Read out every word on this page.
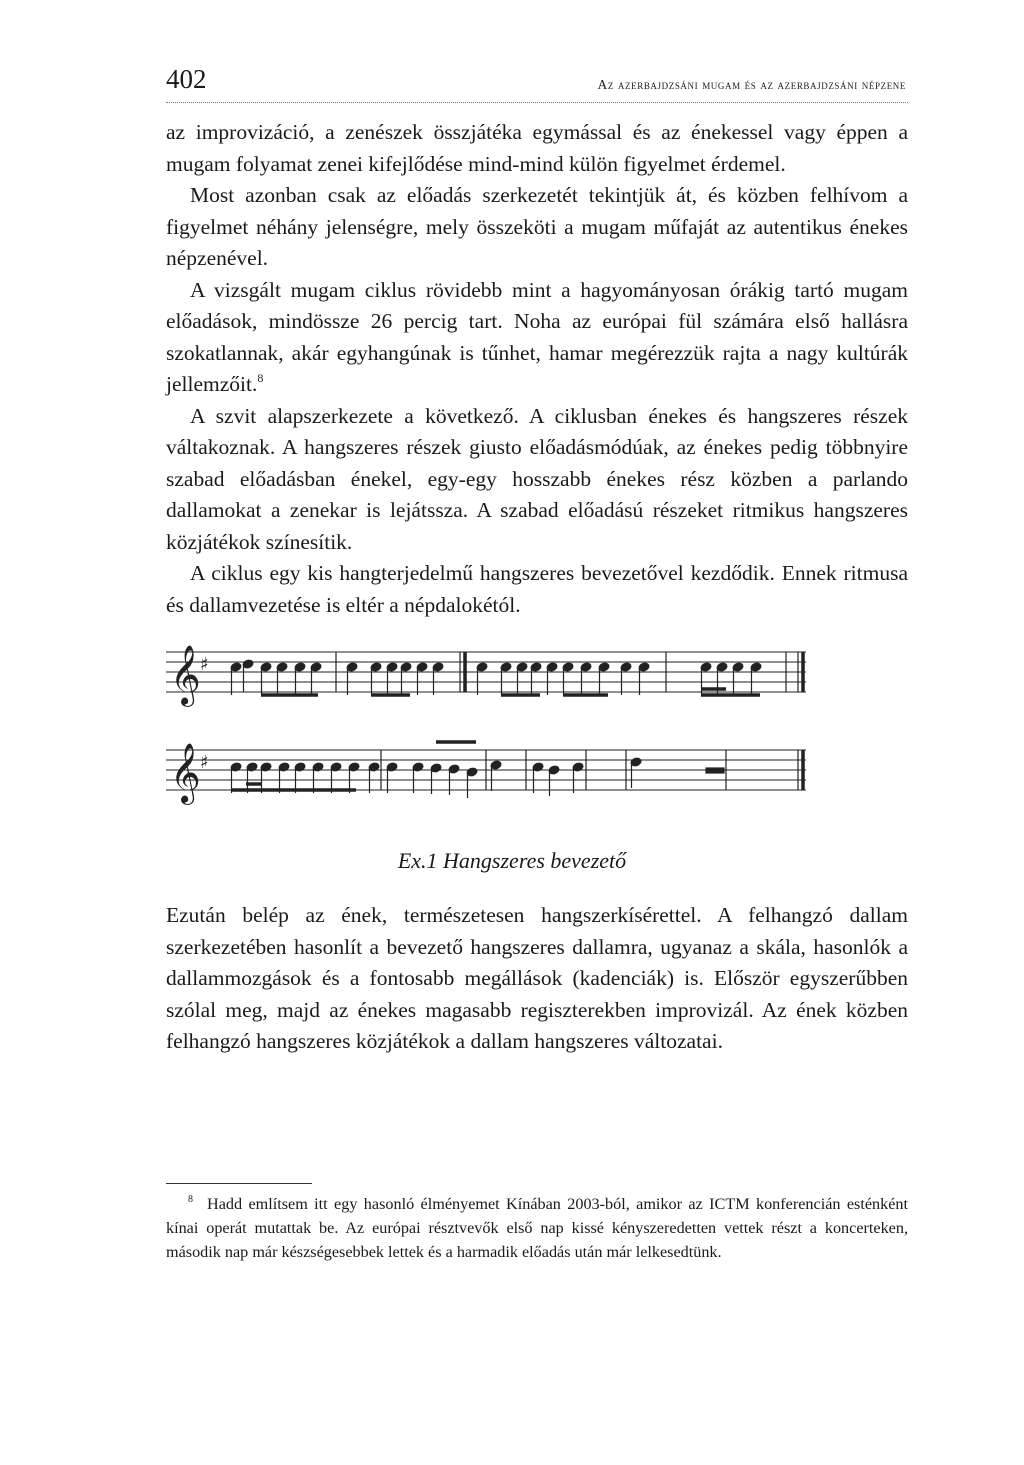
402	Az azerbajdzsáni mugam és az azerbajdzsáni népzene

az improvizáció, a zenészek összjátéka egymással és az énekessel vagy éppen a mugam folyamat zenei kifejlődése mind-mind külön figyelmet érdemel.

Most azonban csak az előadás szerkezetét tekintjük át, és közben felhívom a figyelmet néhány jelenségre, mely összeköti a mugam műfaját az autentikus énekes népzenével.

A vizsgált mugam ciklus rövidebb mint a hagyományosan órákig tartó mugam előadások, mindössze 26 percig tart. Noha az európai fül számára első hallásra szokatlannak, akár egyhangúnak is tűnhet, hamar megérezzük rajta a nagy kultúrák jellemzőit.$^8$

A szvit alapszerkezete a következő. A ciklusban énekes és hangszeres részek váltakoznak. A hangszeres részek giusto előadásmódúak, az énekes pedig többnyire szabad előadásban énekel, egy-egy hosszabb énekes rész közben a parlando dallamokat a zenekar is lejátssza. A szabad előadású részeket ritmikus hangszeres közjátékok színesítik.

A ciklus egy kis hangterjedelmű hangszeres bevezetővel kezdődik. Ennek ritmusa és dallamvezetése is eltér a népdalokétól.

𝄞
𝄞
♯
♯
Ex.1 Hangszeres bevezető

Ezután belép az ének, természetesen hangszerkísérettel. A felhangzó dallam szerkezetében hasonlít a bevezető hangszeres dallamra, ugyanaz a skála, hasonlók a dallammozgások és a fontosabb megállások (kadenciák) is. Először egyszerűbben szólal meg, majd az énekes magasabb regiszterekben improvizál. Az ének közben felhangzó hangszeres közjátékok a dallam hangszeres változatai.

$^8$ Hadd említsem itt egy hasonló élményemet Kínában 2003-ból, amikor az ICTM konferencián esténként kínai operát mutattak be. Az európai résztvevők első nap kissé kényszeredetten vettek részt a koncerteken, második nap már készségesebbek lettek és a harmadik előadás után már lelkesedtünk.
